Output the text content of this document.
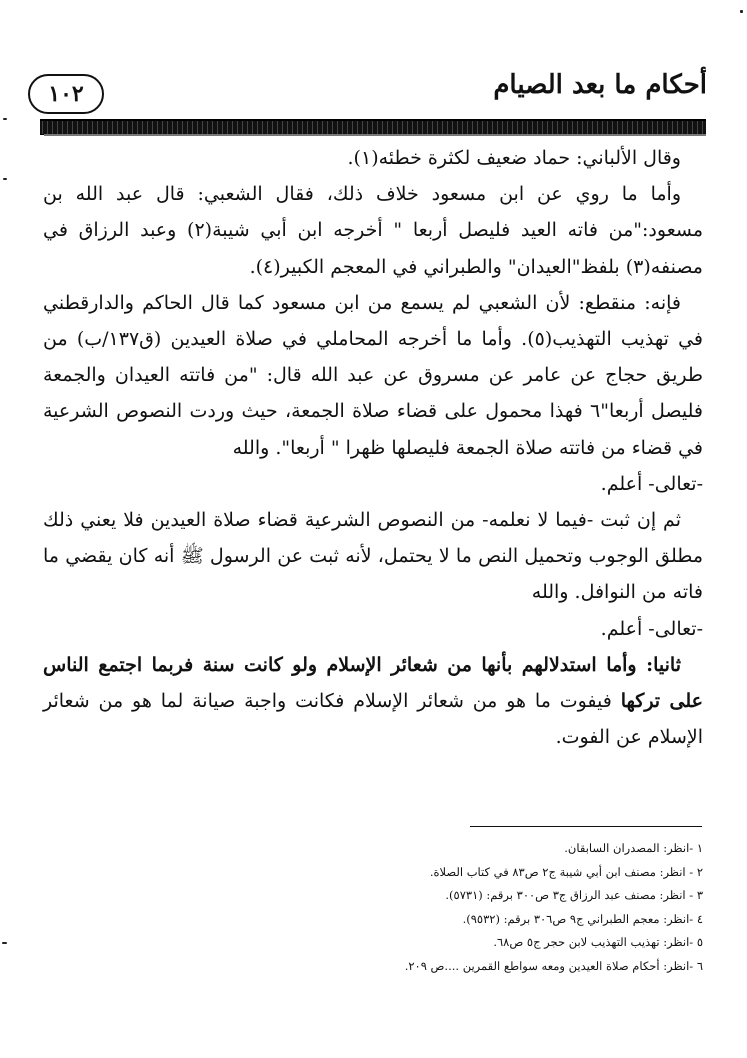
١٠٢	أحكام ما بعد الصيام

وقال الألباني: حماد ضعيف لكثرة خطئه(١).

وأما ما روي عن ابن مسعود خلاف ذلك، فقال الشعبي: قال عبد الله بن مسعود:"من فاته العيد فليصل أربعا " أخرجه ابن أبي شيبة(٢) وعبد الرزاق في مصنفه(٣) بلفظ"العيدان" والطبراني في المعجم الكبير(٤).

فإنه: منقطع: لأن الشعبي لم يسمع من ابن مسعود كما قال الحاكم والدارقطني في تهذيب التهذيب(٥). وأما ما أخرجه المحاملي في صلاة العيدين (ق١٣٧/ب) من طريق حجاج عن عامر عن مسروق عن عبد الله قال: "من فاتته العيدان والجمعة فليصل أربعا"٦ فهذا محمول على قضاء صلاة الجمعة، حيث وردت النصوص الشرعية في قضاء من فاتته صلاة الجمعة فليصلها ظهرا " أربعا". والله

-تعالى- أعلم.

ثم إن ثبت -فيما لا نعلمه- من النصوص الشرعية قضاء صلاة العيدين فلا يعني ذلك مطلق الوجوب وتحميل النص ما لا يحتمل، لأنه ثبت عن الرسول ﷺ أنه كان يقضي ما فاته من النوافل. والله

-تعالى- أعلم.

ثانيا: وأما استدلالهم بأنها من شعائر الإسلام ولو كانت سنة فربما اجتمع الناس على تركها فيفوت ما هو من شعائر الإسلام فكانت واجبة صيانة لما هو من شعائر الإسلام عن الفوت.

١ -انظر: المصدران السابقان.

٢ - انظر: مصنف ابن أبي شيبة ج٢ ص٨٣ في كتاب الصلاة.

٣ - انظر: مصنف عبد الرزاق ج٣ ص٣٠٠ برقم: (٥٧٣١).

٤ -انظر: معجم الطبراني ج٩ ص٣٠٦ برقم: (٩٥٣٢).

٥ -انظر: تهذيب التهذيب لابن حجر ج٥ ص٦٨.

٦ -انظر: أحكام صلاة العيدين ومعه سواطع القمرين ....ص ٢٠٩.
